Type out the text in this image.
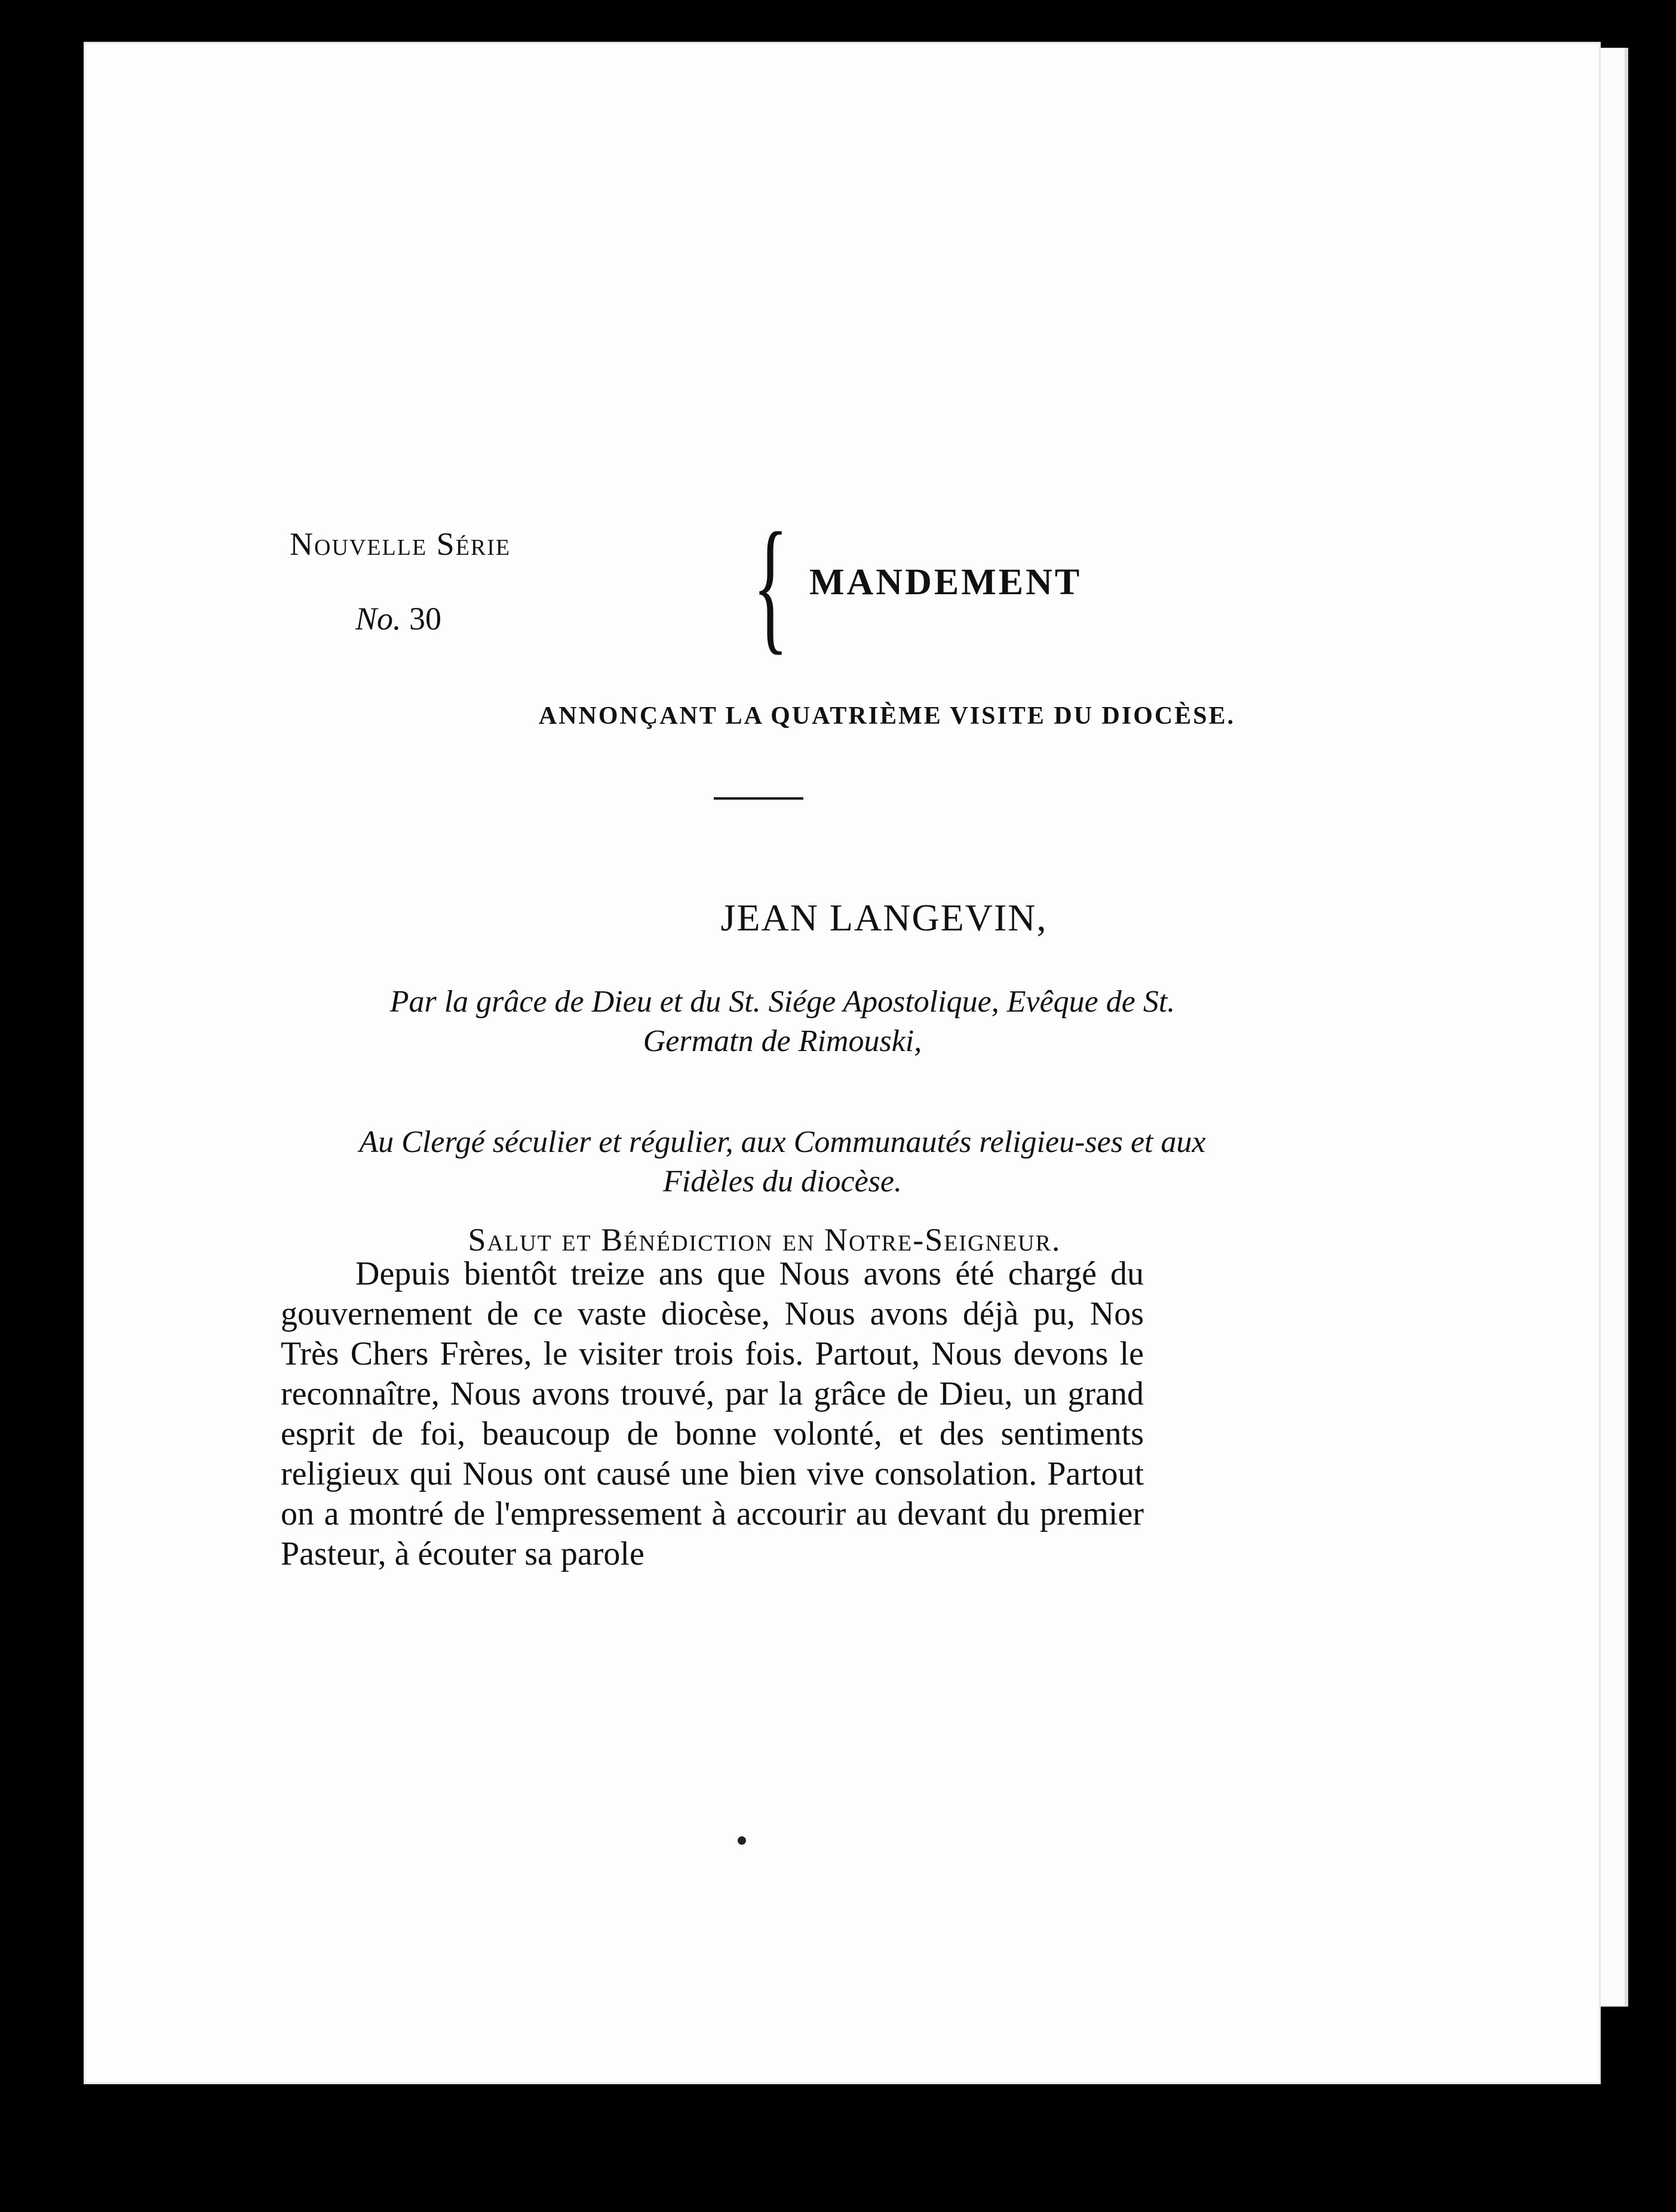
Nouvelle Série
No. 30 { MANDEMENT
ANNONÇANT LA QUATRIÈME VISITE DU DIOCÈSE.
JEAN LANGEVIN,
Par la grâce de Dieu et du St. Siége Apostolique, Evêque de St. Germatn de Rimouski,
Au Clergé séculier et régulier, aux Communautés religieu-ses et aux Fidèles du diocèse.
Salut et Bénédiction en Notre-Seigneur.

Depuis bientôt treize ans que Nous avons été chargé du gouvernement de ce vaste diocèse, Nous avons déjà pu, Nos Très Chers Frères, le visiter trois fois. Partout, Nous devons le reconnaître, Nous avons trouvé, par la grâce de Dieu, un grand esprit de foi, beaucoup de bonne volonté, et des sentiments religieux qui Nous ont causé une bien vive consolation. Partout on a montré de l'empressement à accourir au devant du premier Pasteur, à écouter sa parole
